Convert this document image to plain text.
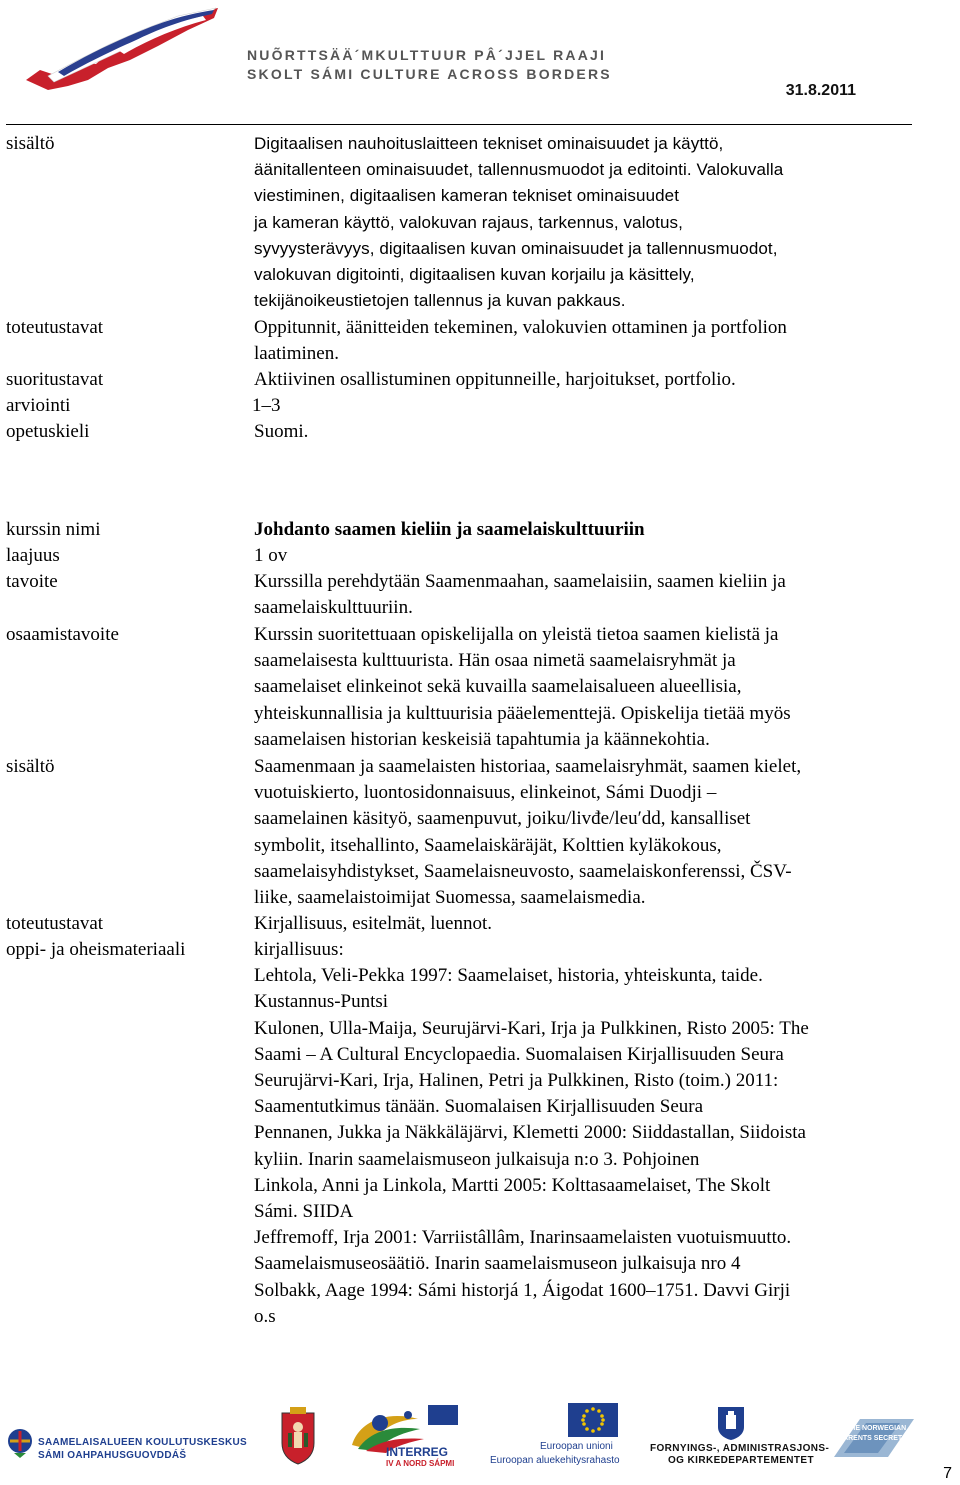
NUÕRTTSÄÄ´MKULTTUUR PÂ´JJEL RAAJI
SKOLT SÁMI CULTURE ACROSS BORDERS
31.8.2011
sisältö	Digitaalisen nauhoituslaitteen tekniset ominaisuudet ja käyttö,

äänitallenteen ominaisuudet, tallennusmuodot ja editointi. Valokuvalla

viestiminen, digitaalisen kameran tekniset ominaisuudet

ja kameran käyttö, valokuvan rajaus, tarkennus, valotus,

syvyysterävyys, digitaalisen kuvan ominaisuudet ja tallennusmuodot,

valokuvan digitointi, digitaalisen kuvan korjailu ja käsittely,

tekijänoikeustietojen tallennus ja kuvan pakkaus.

toteutustavat	Oppitunnit, äänitteiden tekeminen, valokuvien ottaminen ja portfolion

laatiminen.

suoritustavat	Aktiivinen osallistuminen oppitunneille, harjoitukset, portfolio.
arviointi	1–3
opetuskieli	Suomi.
kurssin nimi	Johdanto saamen kieliin ja saamelaiskulttuuriin
laajuus	1 ov
tavoite	Kurssilla perehdytään Saamenmaahan, saamelaisiin, saamen kieliin ja

saamelaiskulttuuriin.

osaamistavoite	Kurssin suoritettuaan opiskelijalla on yleistä tietoa saamen kielistä ja

saamelaisesta kulttuurista. Hän osaa nimetä saamelaisryhmät ja

saamelaiset elinkeinot sekä kuvailla saamelaisalueen alueellisia,

yhteiskunnallisia ja kulttuurisia pääelementtejä. Opiskelija tietää myös

saamelaisen historian keskeisiä tapahtumia ja käännekohtia.

sisältö	Saamenmaan ja saamelaisten historiaa, saamelaisryhmät, saamen kielet,

vuotuiskierto, luontosidonnaisuus, elinkeinot, Sámi Duodji –

saamelainen käsityö, saamenpuvut, joiku/livđe/leuʹdd, kansalliset

symbolit, itsehallinto, Saamelaiskäräjät, Kolttien kyläkokous,

saamelaisyhdistykset, Saamelaisneuvosto, saamelaiskonferenssi, ČSV-

liike, saamelaistoimijat Suomessa, saamelaismedia.

toteutustavat	Kirjallisuus, esitelmät, luennot.
oppi- ja oheismateriaali	kirjallisuus:

Lehtola, Veli-Pekka 1997: Saamelaiset, historia, yhteiskunta, taide.

Kustannus-Puntsi

Kulonen, Ulla-Maija, Seurujärvi-Kari, Irja ja Pulkkinen, Risto 2005: The

Saami – A Cultural Encyclopaedia. Suomalaisen Kirjallisuuden Seura

Seurujärvi-Kari, Irja, Halinen, Petri ja Pulkkinen, Risto (toim.) 2011:

Saamentutkimus tänään. Suomalaisen Kirjallisuuden Seura

Pennanen, Jukka ja Näkkäläjärvi, Klemetti 2000: Siiddastallan, Siidoista

kyliin. Inarin saamelaismuseon julkaisuja n:o 3. Pohjoinen

Linkola, Anni ja Linkola, Martti 2005: Kolttasaamelaiset, The Skolt

Sámi. SIIDA

Jeffremoff, Irja 2001: Varriistâllâm, Inarinsaamelaisten vuotuismuutto.

Saamelaismuseosäätiö. Inarin saamelaismuseon julkaisuja nro 4

Solbakk, Aage 1994: Sámi historjá 1, Áigodat 1600–1751. Davvi Girji

o.s

SAAMELAISALUEEN KOULUTUSKESKUS
SÁMI OAHPAHUSGUOVDDÁŠ	INTERREG
IV A NORD SÁPMI
Euroopan unioni
Euroopan aluekehitysrahasto
FORNYINGS-, ADMINISTRASJONS-
OG KIRKEDEPARTEMENTET
THE NORWEGIAN
BARENTS SECRETARIAT
7
